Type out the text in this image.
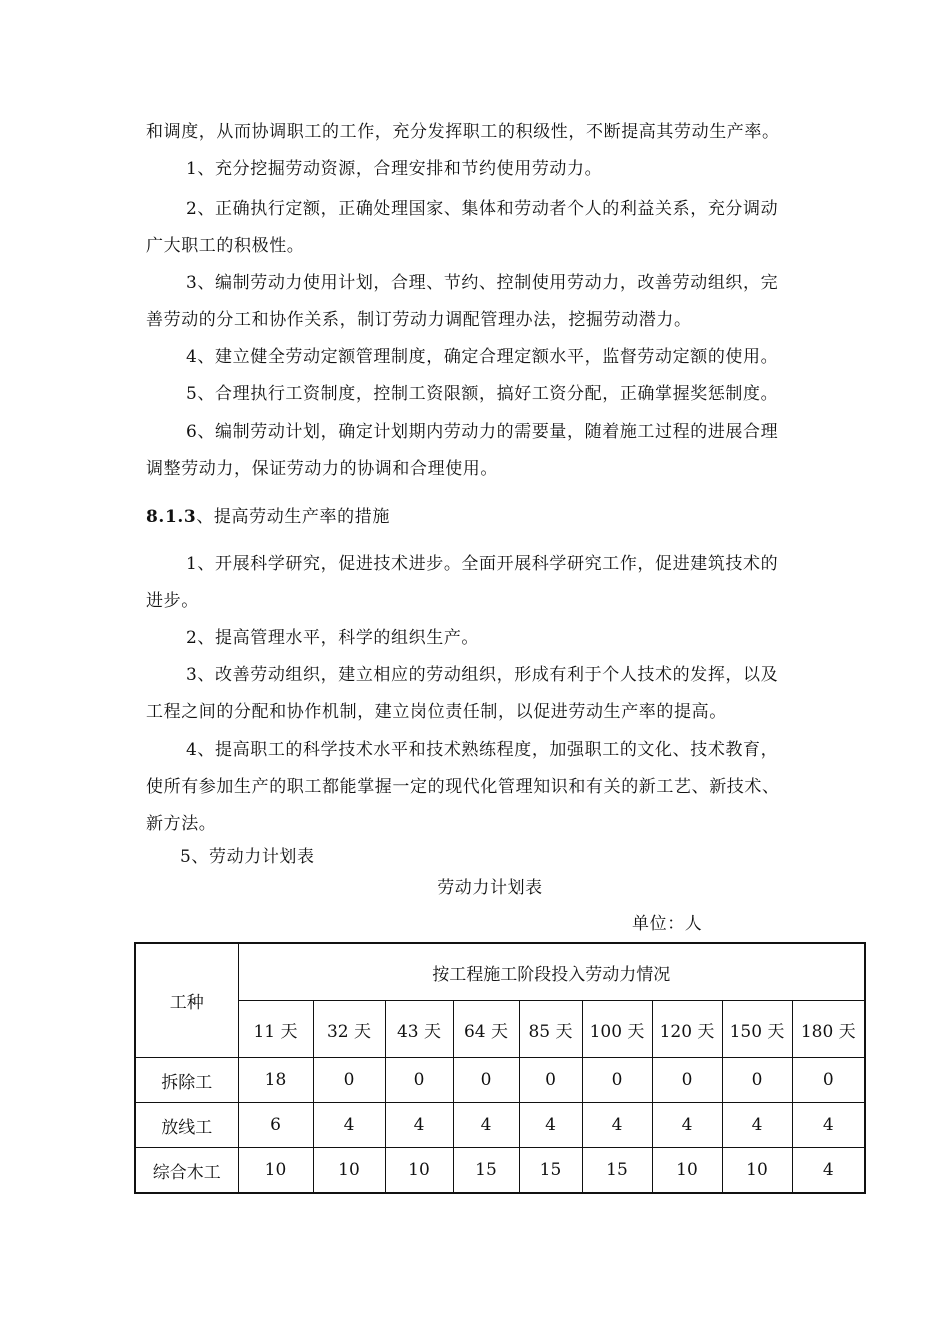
和调度，从而协调职工的工作，充分发挥职工的积级性，不断提高其劳动生产率。
1、充分挖掘劳动资源，合理安排和节约使用劳动力。
2、正确执行定额，正确处理国家、集体和劳动者个人的利益关系，充分调动
广大职工的积极性。
3、编制劳动力使用计划，合理、节约、控制使用劳动力，改善劳动组织，完
善劳动的分工和协作关系，制订劳动力调配管理办法，挖掘劳动潜力。
4、建立健全劳动定额管理制度，确定合理定额水平，监督劳动定额的使用。
5、合理执行工资制度，控制工资限额，搞好工资分配，正确掌握奖惩制度。
6、编制劳动计划，确定计划期内劳动力的需要量，随着施工过程的进展合理
调整劳动力，保证劳动力的协调和合理使用。
8.1.3、提高劳动生产率的措施
1、开展科学研究，促进技术进步。全面开展科学研究工作，促进建筑技术的
进步。
2、提高管理水平，科学的组织生产。
3、改善劳动组织，建立相应的劳动组织，形成有利于个人技术的发挥，以及
工程之间的分配和协作机制，建立岗位责任制，以促进劳动生产率的提高。
4、提高职工的科学技术水平和技术熟练程度，加强职工的文化、技术教育，
使所有参加生产的职工都能掌握一定的现代化管理知识和有关的新工艺、新技术、
新方法。
5、劳动力计划表
劳动力计划表
单位：人
工种	按工程施工阶段投入劳动力情况								
	11 天	32 天	43 天	64 天	85 天	100 天	120 天	150 天	180 天
拆除工	18	0	0	0	0	0	0	0	0
放线工	6	4	4	4	4	4	4	4	4
综合木工	10	10	10	15	15	15	10	10	4
